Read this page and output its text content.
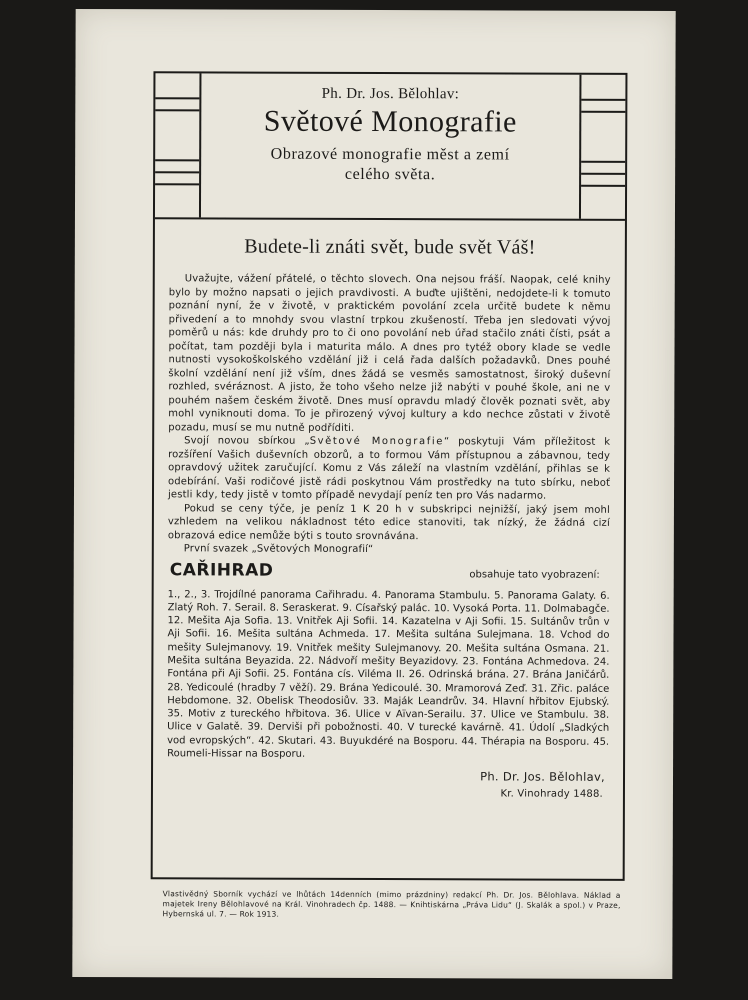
Ph. Dr. Jos. Bělohlav:
Světové Monografie
Obrazové monografie měst a zemí
celého světa.
Budete-li znáti svět, bude svět Váš!

Uvažujte, vážení přátelé, o těchto slovech. Ona nejsou fráší. Naopak, celé knihy bylo by možno napsati o jejich pravdivosti. A buďte ujištěni, nedojdete-li k tomuto poznání nyní, že v životě, v praktickém povolání zcela určitě budete k němu přivedení a to mnohdy svou vlastní trpkou zkušeností. Třeba jen sledovati vývoj poměrů u nás: kde druhdy pro to či ono povolání neb úřad stačilo znáti čísti, psát a počítat, tam později byla i maturita málo. A dnes pro tytéž obory klade se vedle nutnosti vysokoškolského vzdělání již i celá řada dalších požadavků. Dnes pouhé školní vzdělání není již vším, dnes žádá se vesměs samostatnost, široký duševní rozhled, svéráznost. A jisto, že toho všeho nelze již nabýti v pouhé škole, ani ne v pouhém našem českém životě. Dnes musí opravdu mladý člověk poznati svět, aby mohl vyniknouti doma. To je přirozený vývoj kultury a kdo nechce zůstati v životě pozadu, musí se mu nutně podříditi.

Svojí novou sbírkou „Světové Monografie“ poskytuji Vám příležitost k rozšíření Vašich duševních obzorů, a to formou Vám přístupnou a zábavnou, tedy opravdový užitek zaručující. Komu z Vás záleží na vlastním vzdělání, přihlas se k odebírání. Vaši rodičové jistě rádi poskytnou Vám prostředky na tuto sbírku, neboť jestli kdy, tedy jistě v tomto případě nevydají peníz ten pro Vás nadarmo.

Pokud se ceny týče, je peníz 1 K 20 h v subskripci nejnižší, jaký jsem mohl vzhledem na velikou nákladnost této edice stanoviti, tak nízký, že žádná cizí obrazová edice nemůže býti s touto srovnávána.

První svazek „Světových Monografií“

CAŘIHRAD	obsahuje tato vyobrazení:

1., 2., 3. Trojdílné panorama Cařihradu. 4. Panorama Stambulu. 5. Panorama Galaty. 6. Zlatý Roh. 7. Serail. 8. Seraskerat. 9. Císařský palác. 10. Vysoká Porta. 11. Dolmabagče. 12. Mešita Aja Sofia. 13. Vnitřek Aji Sofii. 14. Kazatelna v Aji Sofii. 15. Sultánův trůn v Aji Sofii. 16. Mešita sultána Achmeda. 17. Mešita sultána Sulejmana. 18. Vchod do mešity Sulejmanovy. 19. Vnitřek mešity Sulejmanovy. 20. Mešita sultána Osmana. 21. Mešita sultána Beyazida. 22. Nádvoří mešity Beyazidovy. 23. Fontána Achmedova. 24. Fontána při Aji Sofii. 25. Fontána cís. Viléma II. 26. Odrinská brána. 27. Brána Janičárů. 28. Yedicoulé (hradby 7 věží). 29. Brána Yedicoulé. 30. Mramorová Zeď. 31. Zřic. paláce Hebdomone. 32. Obelisk Theodosiův. 33. Maják Leandrův. 34. Hlavní hřbitov Ejubský. 35. Motiv z tureckého hřbitova. 36. Ulice v Aïvan-Serailu. 37. Ulice ve Stambulu. 38. Ulice v Galatě. 39. Derviši při pobožnosti. 40. V turecké kavárně. 41. Údolí „Sladkých vod evropských“. 42. Skutari. 43. Buyukdéré na Bosporu. 44. Thérapia na Bosporu. 45. Roumeli-Hissar na Bosporu.

Ph. Dr. Jos. Bělohlav,
Kr. Vinohrady 1488.
Vlastivědný Sborník vychází ve lhůtách 14denních (mimo prázdniny) redakcí Ph. Dr. Jos. Bělohlava. Náklad a majetek Ireny Bělohlavové na Král. Vinohradech čp. 1488. — Knihtiskárna „Práva Lidu“ (J. Skalák a spol.) v Praze, Hybernská ul. 7. — Rok 1913.
